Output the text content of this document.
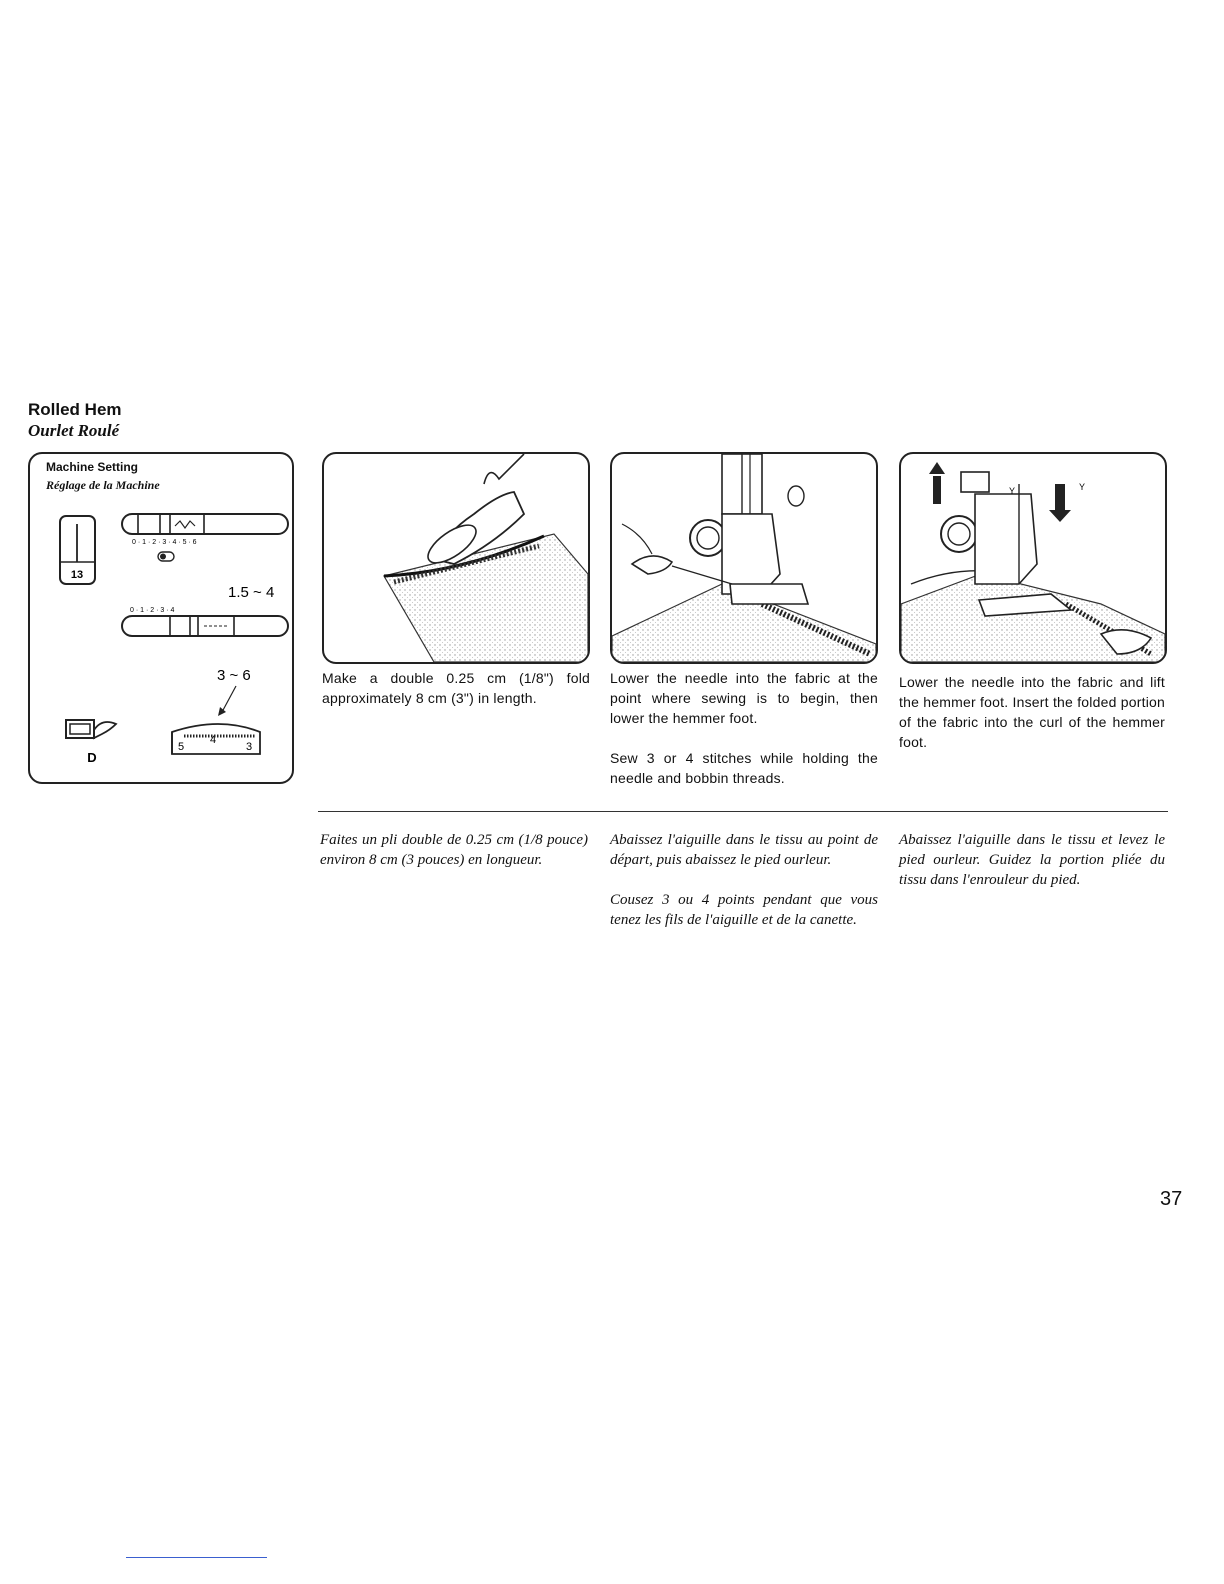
Rolled Hem
Ourlet Roulé
Machine Setting
Réglage de la Machine
13
0 · 1 · 2 · 3 · 4 · 5 · 6
1.5 ~ 4
0 · 1 · 2 · 3 · 4
3 ~ 6
5
4
3
D
Y	Y

Make a double 0.25 cm (1/8") fold approximately 8 cm (3") in length.

Lower the needle into the fabric at the point where sewing is to begin, then lower the hemmer foot.

Sew 3 or 4 stitches while holding the needle and bobbin threads.

Lower the needle into the fabric and lift the hemmer foot. Insert the folded portion of the fabric into the curl of the hemmer foot.

Faites un pli double de 0.25 cm (1/8 pouce) environ 8 cm (3 pouces) en longueur.

Abaissez l'aiguille dans le tissu au point de départ, puis abaissez le pied ourleur.

Cousez 3 ou 4 points pendant que vous tenez les fils de l'aiguille et de la canette.

Abaissez l'aiguille dans le tissu et levez le pied ourleur. Guidez la portion pliée du tissu dans l'enrouleur du pied.

37
